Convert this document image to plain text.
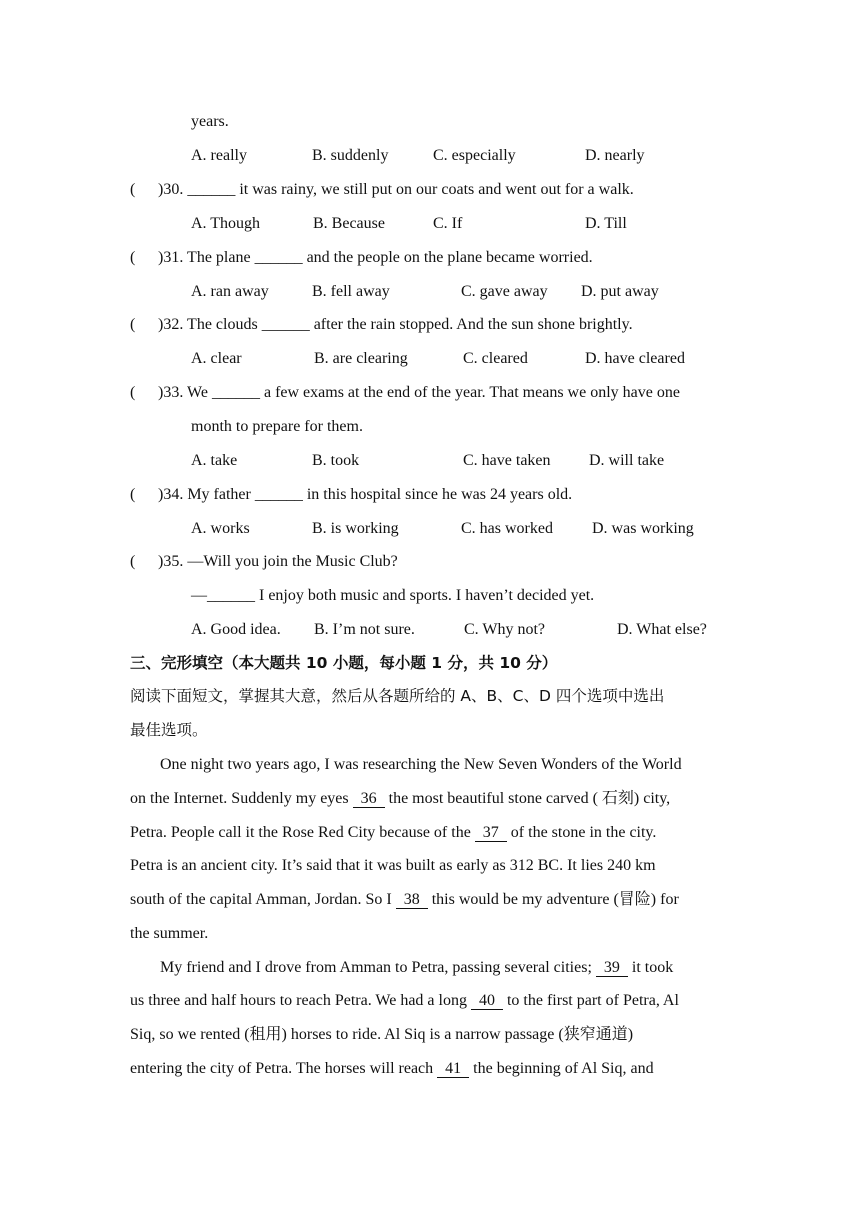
years.
A. really	B. suddenly	C. especially	D. nearly
( )30. ______ it was rainy, we still put on our coats and went out for a walk.
A. Though	B. Because	C. If	D. Till
( )31. The plane ______ and the people on the plane became worried.
A. ran away	B. fell away	C. gave away D. put away
( )32. The clouds ______ after the rain stopped. And the sun shone brightly.
A. clear	B. are clearing	C. cleared	D. have cleared
( )33. We ______ a few exams at the end of the year. That means we only have one
month to prepare for them.
A. take	B. took	C. have taken D. will take
( )34. My father ______ in this hospital since he was 24 years old.
A. works	B. is working	C. has worked D. was working
( )35. —Will you join the Music Club?
—______ I enjoy both music and sports. I haven’t decided yet.
A. Good idea. B. I’m not sure.	C. Why not?	D. What else?
三、完形填空（本大题共 10 小题，每小题 1 分，共 10 分）
阅读下面短文，掌握其大意，然后从各题所给的 A、B、C、D 四个选项中选出
最佳选项。
One night two years ago, I was researching the New Seven Wonders of the World
on the Internet. Suddenly my eyes   36   the most beautiful stone carved ( 石刻) city,
Petra. People call it the Rose Red City because of the   37   of the stone in the city.
Petra is an ancient city. It’s said that it was built as early as 312 BC. It lies 240 km
south of the capital Amman, Jordan. So I   38   this would be my adventure (冒险) for
the summer.
My friend and I drove from Amman to Petra, passing several cities;   39   it took
us three and half hours to reach Petra. We had a long   40   to the first part of Petra, Al
Siq, so we rented (租用) horses to ride. Al Siq is a narrow passage (狭窄通道)
entering the city of Petra. The horses will reach   41   the beginning of Al Siq, and
